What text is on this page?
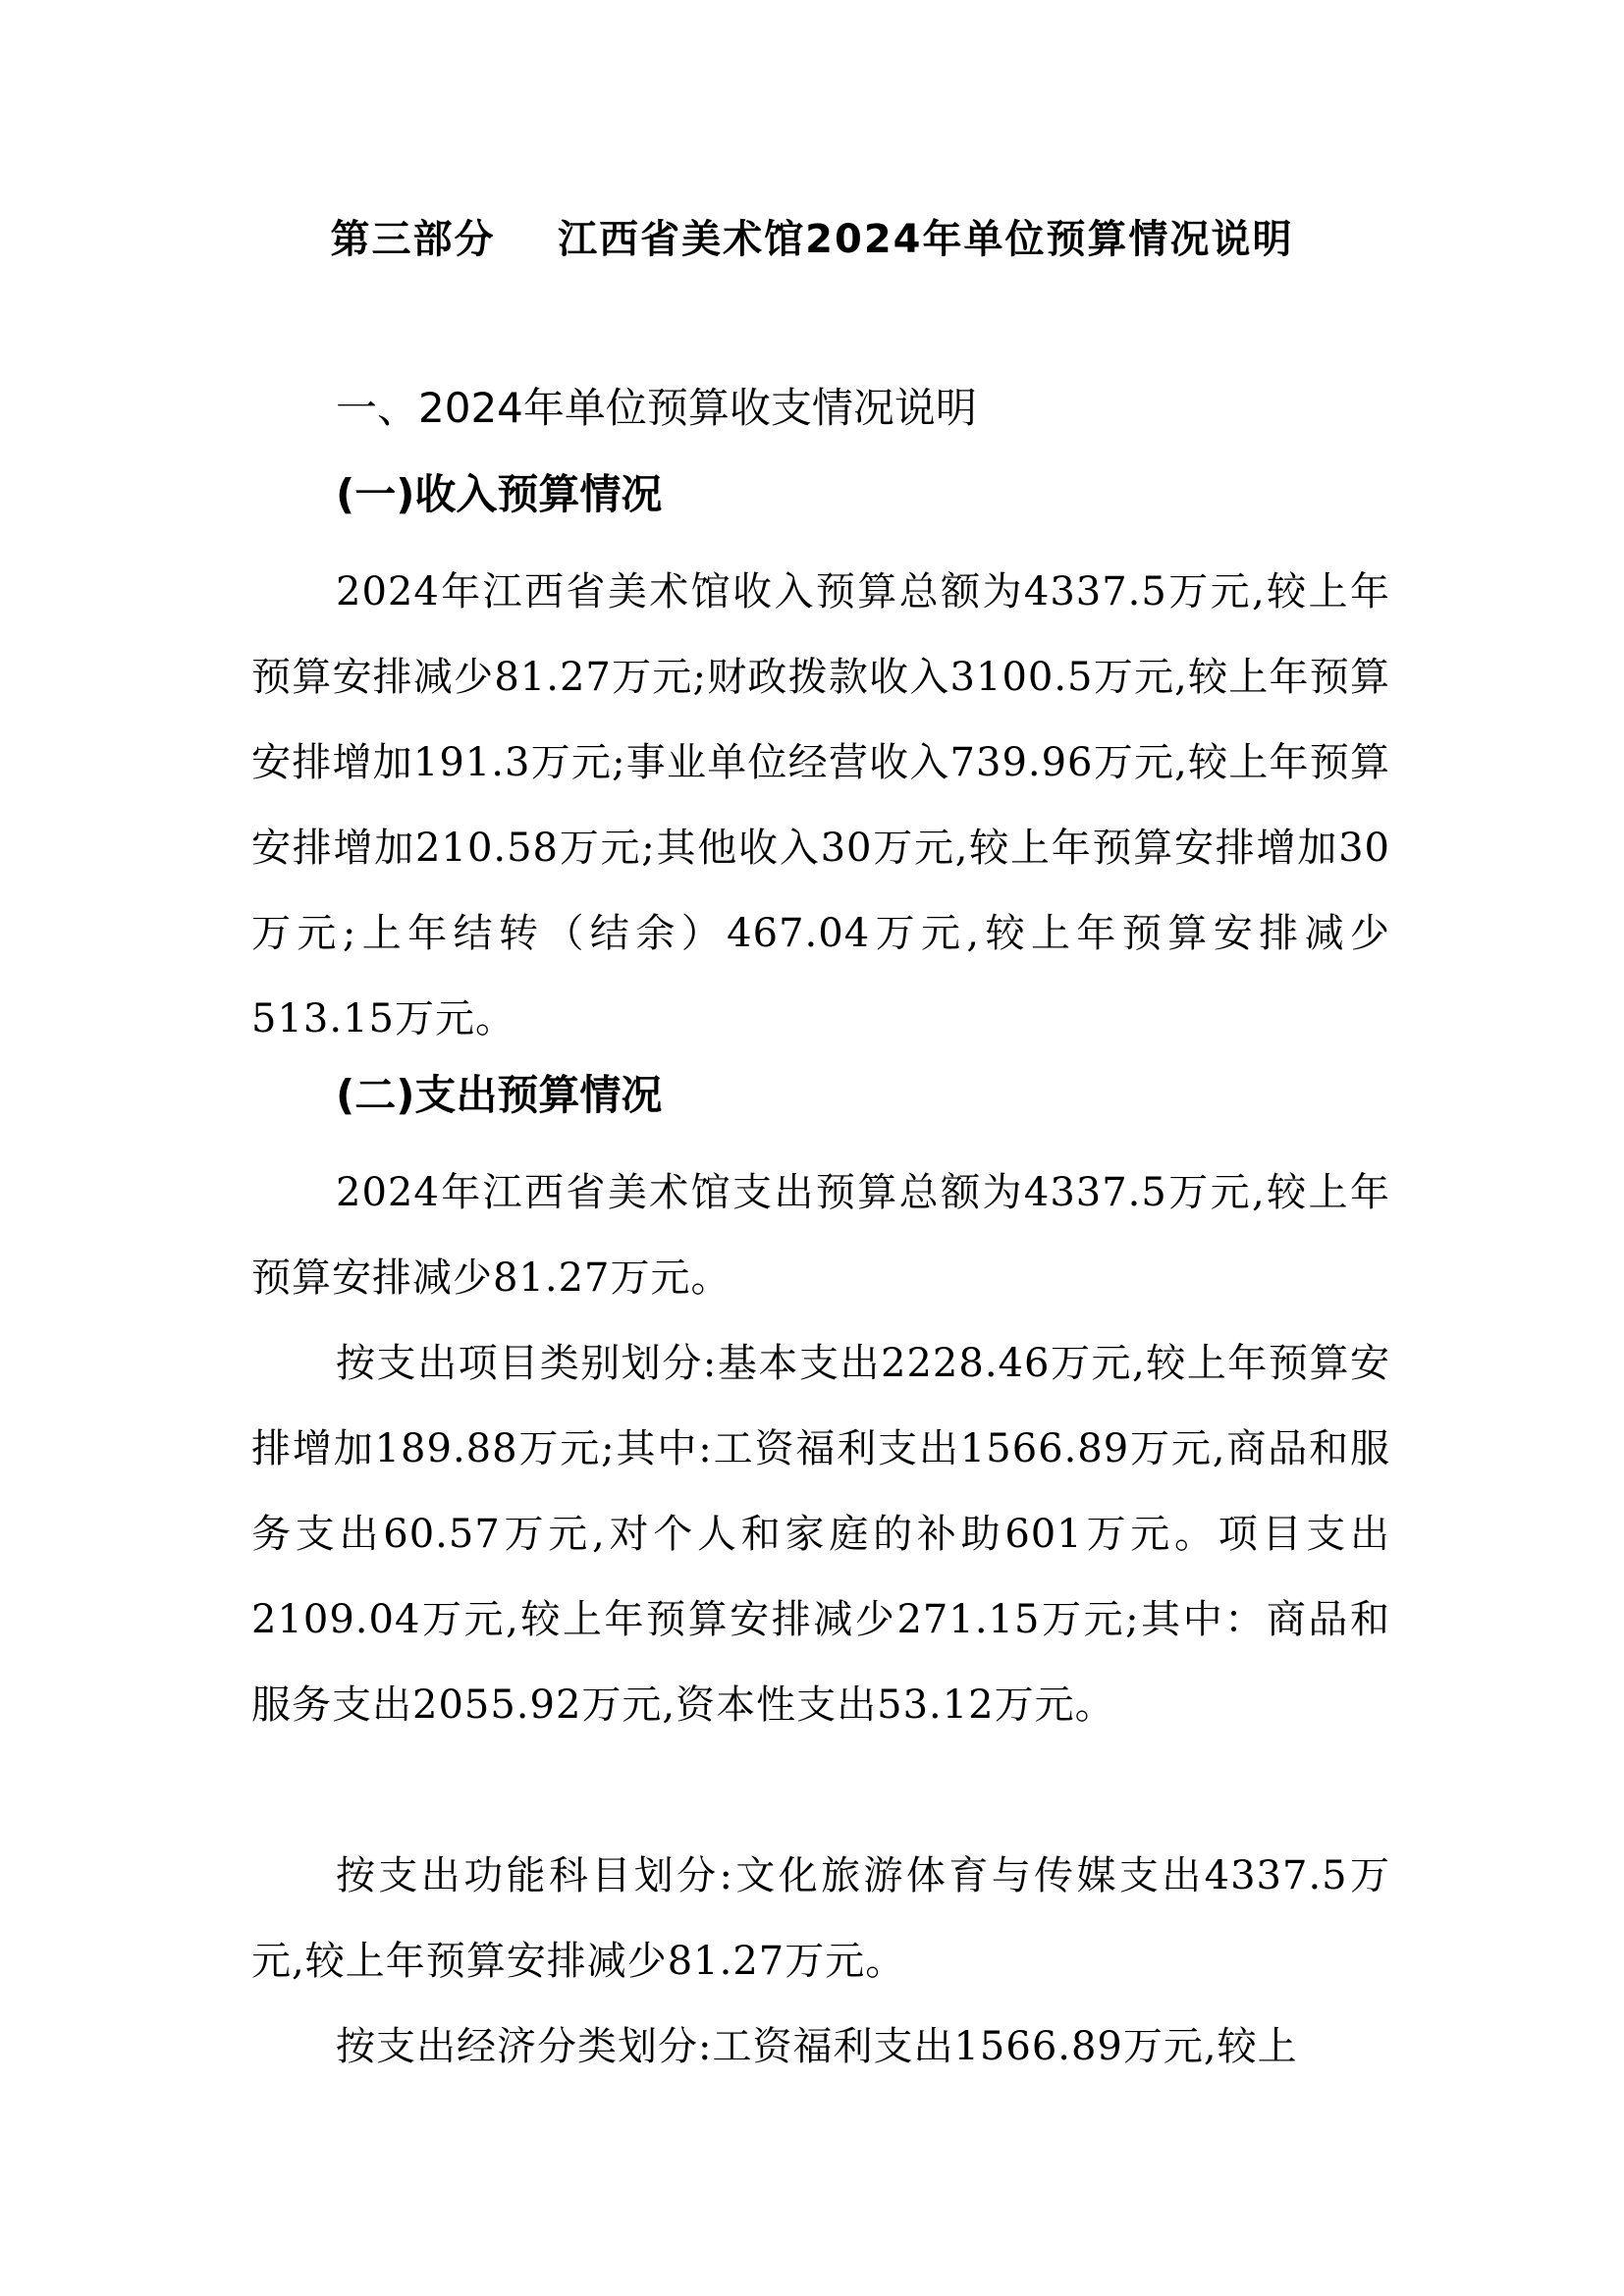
第三部分    江西省美术馆2024年单位预算情况说明
一、2024年单位预算收支情况说明
(一)收入预算情况

2024年江西省美术馆收入预算总额为4337.5万元,较上年预算安排减少81.27万元;财政拨款收入3100.5万元,较上年预算安排增加191.3万元;事业单位经营收入739.96万元,较上年预算安排增加210.58万元;其他收入30万元,较上年预算安排增加30万元;上年结转（结余）467.04万元,较上年预算安排减少513.15万元。

(二)支出预算情况

2024年江西省美术馆支出预算总额为4337.5万元,较上年预算安排减少81.27万元。

按支出项目类别划分:基本支出2228.46万元,较上年预算安排增加189.88万元;其中:工资福利支出1566.89万元,商品和服务支出60.57万元,对个人和家庭的补助601万元。项目支出2109.04万元,较上年预算安排减少271.15万元;其中：商品和服务支出2055.92万元,资本性支出53.12万元。

按支出功能科目划分:文化旅游体育与传媒支出4337.5万元,较上年预算安排减少81.27万元。

按支出经济分类划分:工资福利支出1566.89万元,较上
